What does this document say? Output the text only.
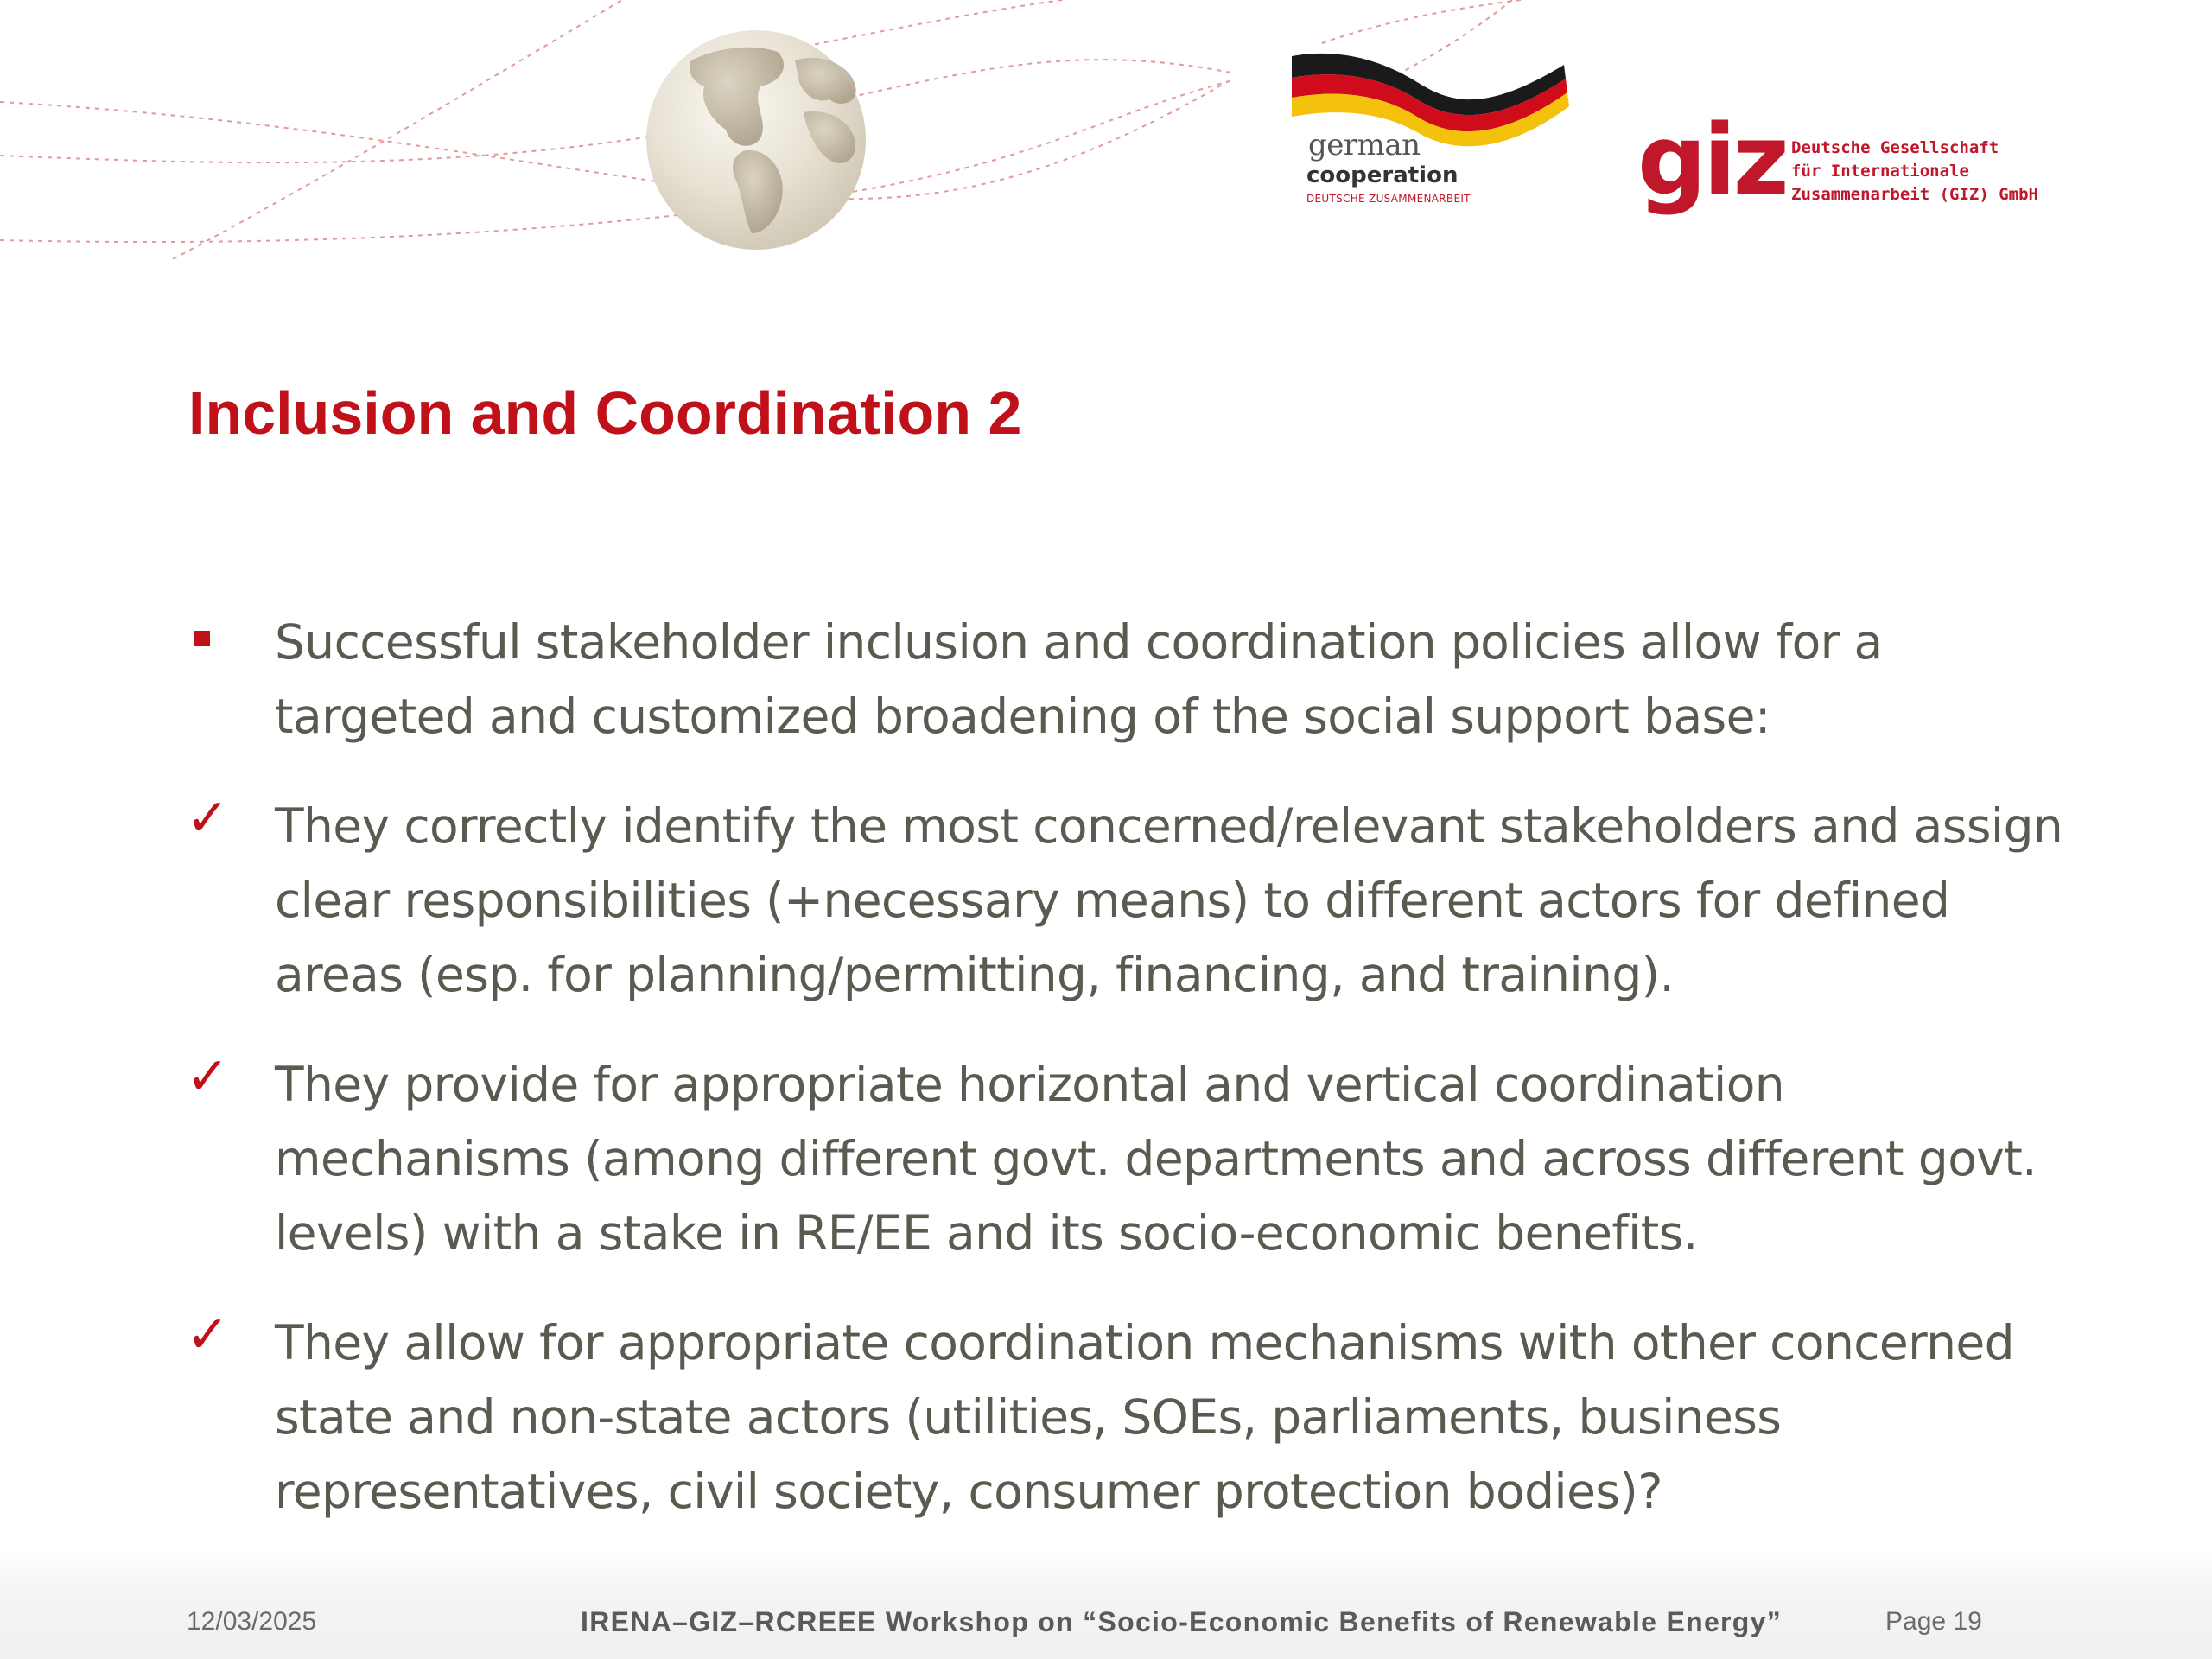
german
cooperation
DEUTSCHE ZUSAMMENARBEIT giz Deutsche Gesellschaft
für Internationale
Zusammenarbeit (GIZ) GmbH
Inclusion and Coordination 2
Successful stakeholder inclusion and coordination policies allow for a targeted and customized broadening of the social support base:
✓ They correctly identify the most concerned/relevant stakeholders and assign clear responsibilities (+necessary means) to different actors for defined areas (esp. for planning/permitting, financing, and training).
✓ They provide for appropriate horizontal and vertical coordination mechanisms (among different govt. departments and across different govt. levels) with a stake in RE/EE and its socio-economic benefits.
✓ They allow for appropriate coordination mechanisms with other concerned state and non-state actors (utilities, SOEs, parliaments, business representatives, civil society, consumer protection bodies)?
12/03/2025	IRENA–GIZ–RCREEE Workshop on “Socio-Economic Benefits of Renewable Energy”	Page 19
